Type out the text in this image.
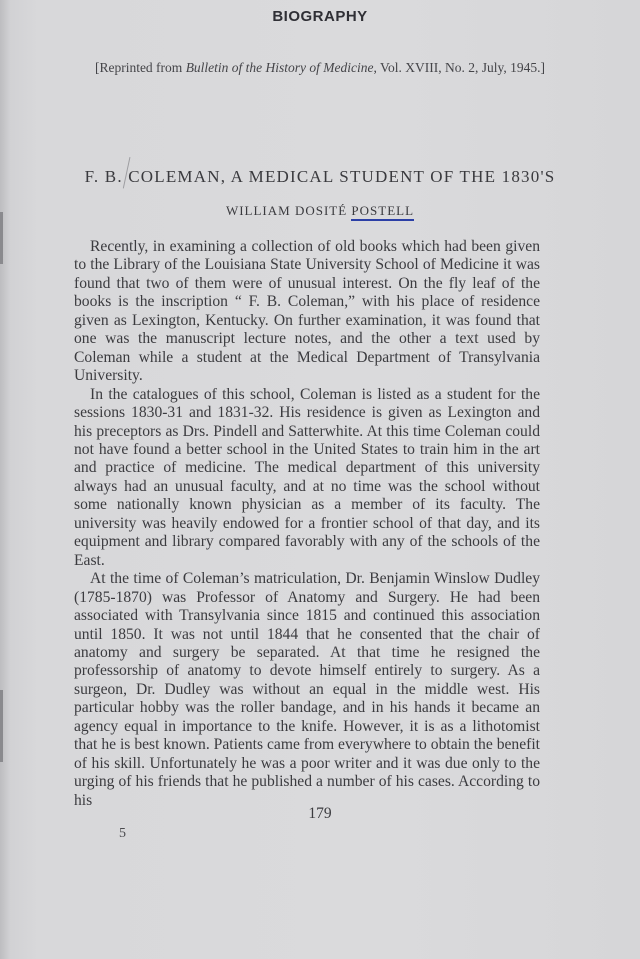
BIOGRAPHY
[Reprinted from Bulletin of the History of Medicine, Vol. XVIII, No. 2, July, 1945.]
F. B. COLEMAN, A MEDICAL STUDENT OF THE 1830'S
WILLIAM DOSITÉ POSTELL

Recently, in examining a collection of old books which had been given to the Library of the Louisiana State University School of Medicine it was found that two of them were of unusual interest. On the fly leaf of the books is the inscription “ F. B. Coleman,” with his place of residence given as Lexington, Kentucky. On further examination, it was found that one was the manuscript lecture notes, and the other a text used by Coleman while a student at the Medical Department of Transylvania University.

In the catalogues of this school, Coleman is listed as a student for the sessions 1830-31 and 1831-32. His residence is given as Lexington and his preceptors as Drs. Pindell and Satterwhite. At this time Coleman could not have found a better school in the United States to train him in the art and practice of medicine. The medical department of this university always had an unusual faculty, and at no time was the school without some nationally known physician as a member of its faculty. The university was heavily endowed for a frontier school of that day, and its equipment and library compared favorably with any of the schools of the East.

At the time of Coleman’s matriculation, Dr. Benjamin Winslow Dudley (1785-1870) was Professor of Anatomy and Surgery. He had been associated with Transylvania since 1815 and continued this association until 1850. It was not until 1844 that he consented that the chair of anatomy and surgery be separated. At that time he resigned the professorship of anatomy to devote himself entirely to surgery. As a surgeon, Dr. Dudley was without an equal in the middle west. His particular hobby was the roller bandage, and in his hands it became an agency equal in importance to the knife. However, it is as a lithotomist that he is best known. Patients came from everywhere to obtain the benefit of his skill. Unfortunately he was a poor writer and it was due only to the urging of his friends that he published a number of his cases. According to his

179
5
